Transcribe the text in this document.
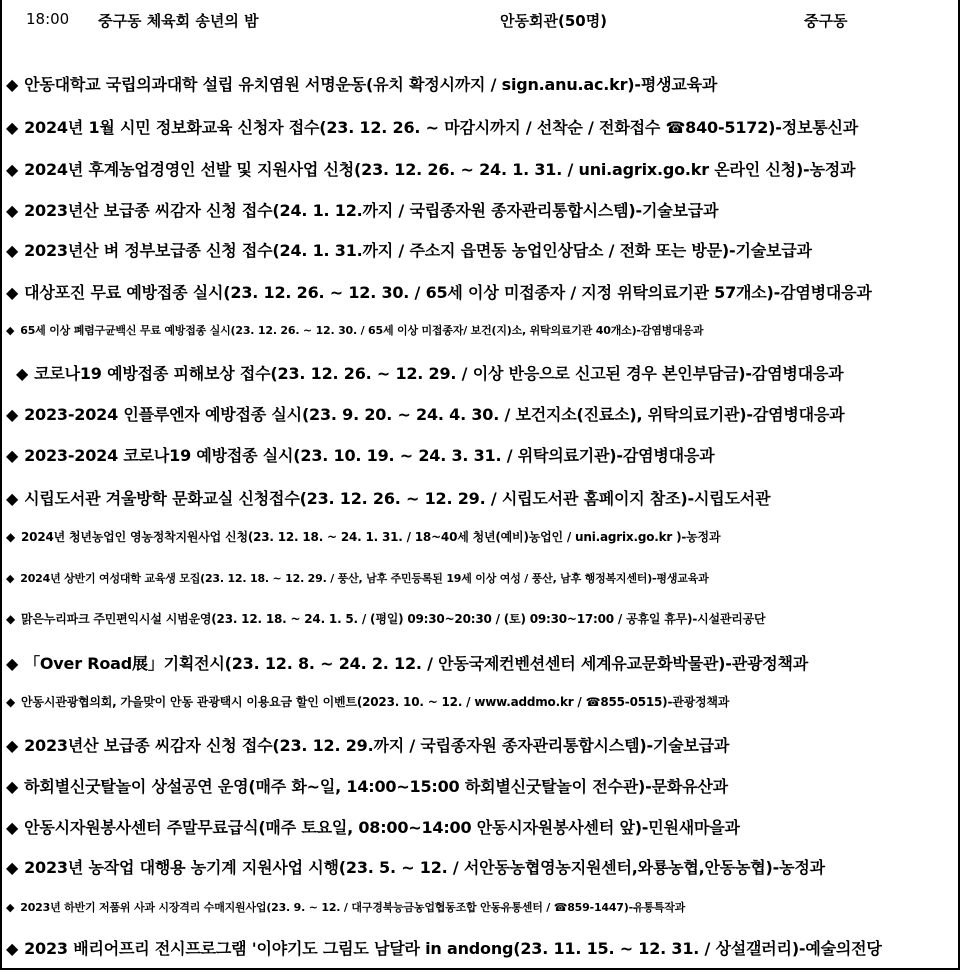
18:00 중구동 체육회 송년의 밤	안동회관(50명)	중구동
◆ 안동대학교 국립의과대학 설립 유치염원 서명운동(유치 확정시까지 / sign.anu.ac.kr)-평생교육과
◆ 2024년 1월 시민 정보화교육 신청자 접수(23. 12. 26. ~ 마감시까지 / 선착순 / 전화접수 ☎840-5172)-정보통신과
◆ 2024년 후계농업경영인 선발 및 지원사업 신청(23. 12. 26. ~ 24. 1. 31. / uni.agrix.go.kr 온라인 신청)-농정과
◆ 2023년산 보급종 씨감자 신청 접수(24. 1. 12.까지 / 국립종자원 종자관리통합시스템)-기술보급과
◆ 2023년산 벼 정부보급종 신청 접수(24. 1. 31.까지 / 주소지 읍면동 농업인상담소 / 전화 또는 방문)-기술보급과
◆ 대상포진 무료 예방접종 실시(23. 12. 26. ~ 12. 30. / 65세 이상 미접종자 / 지정 위탁의료기관 57개소)-감염병대응과
◆ 65세 이상 폐렴구균백신 무료 예방접종 실시(23. 12. 26. ~ 12. 30. / 65세 이상 미접종자/ 보건(지)소, 위탁의료기관 40개소)-감염병대응과
◆ 코로나19 예방접종 피해보상 접수(23. 12. 26. ~ 12. 29. / 이상 반응으로 신고된 경우 본인부담금)-감염병대응과
◆ 2023-2024 인플루엔자 예방접종 실시(23. 9. 20. ~ 24. 4. 30. / 보건지소(진료소), 위탁의료기관)-감염병대응과
◆ 2023-2024 코로나19 예방접종 실시(23. 10. 19. ~ 24. 3. 31. / 위탁의료기관)-감염병대응과
◆ 시립도서관 겨울방학 문화교실 신청접수(23. 12. 26. ~ 12. 29. / 시립도서관 홈페이지 참조)-시립도서관
◆ 2024년 청년농업인 영농정착지원사업 신청(23. 12. 18. ~ 24. 1. 31. / 18~40세 청년(예비)농업인 / uni.agrix.go.kr )-농정과
◆ 2024년 상반기 여성대학 교육생 모집(23. 12. 18. ~ 12. 29. / 풍산, 남후 주민등록된 19세 이상 여성 / 풍산, 남후 행정복지센터)-평생교육과
◆ 맑은누리파크 주민편익시설 시범운영(23. 12. 18. ~ 24. 1. 5. / (평일) 09:30~20:30 / (토) 09:30~17:00 / 공휴일 휴무)-시설관리공단
◆ 「Over Road展」기획전시(23. 12. 8. ~ 24. 2. 12. / 안동국제컨벤션센터 세계유교문화박물관)-관광정책과
◆ 안동시관광협의회, 가을맞이 안동 관광택시 이용요금 할인 이벤트(2023. 10. ~ 12. / www.addmo.kr / ☎855-0515)-관광정책과
◆ 2023년산 보급종 씨감자 신청 접수(23. 12. 29.까지 / 국립종자원 종자관리통합시스템)-기술보급과
◆ 하회별신굿탈놀이 상설공연 운영(매주 화~일, 14:00~15:00 하회별신굿탈놀이 전수관)-문화유산과
◆ 안동시자원봉사센터 주말무료급식(매주 토요일, 08:00~14:00 안동시자원봉사센터 앞)-민원새마을과
◆ 2023년 농작업 대행용 농기계 지원사업 시행(23. 5. ~ 12. / 서안동농협영농지원센터,와룡농협,안동농협)-농정과
◆ 2023년 하반기 저품위 사과 시장격리 수매지원사업(23. 9. ~ 12. / 대구경북능금농업협동조합 안동유통센터 / ☎859-1447)-유통특작과
◆ 2023 배리어프리 전시프로그램 '이야기도 그림도 남달라 in andong(23. 11. 15. ~ 12. 31. / 상설갤러리)-예술의전당
